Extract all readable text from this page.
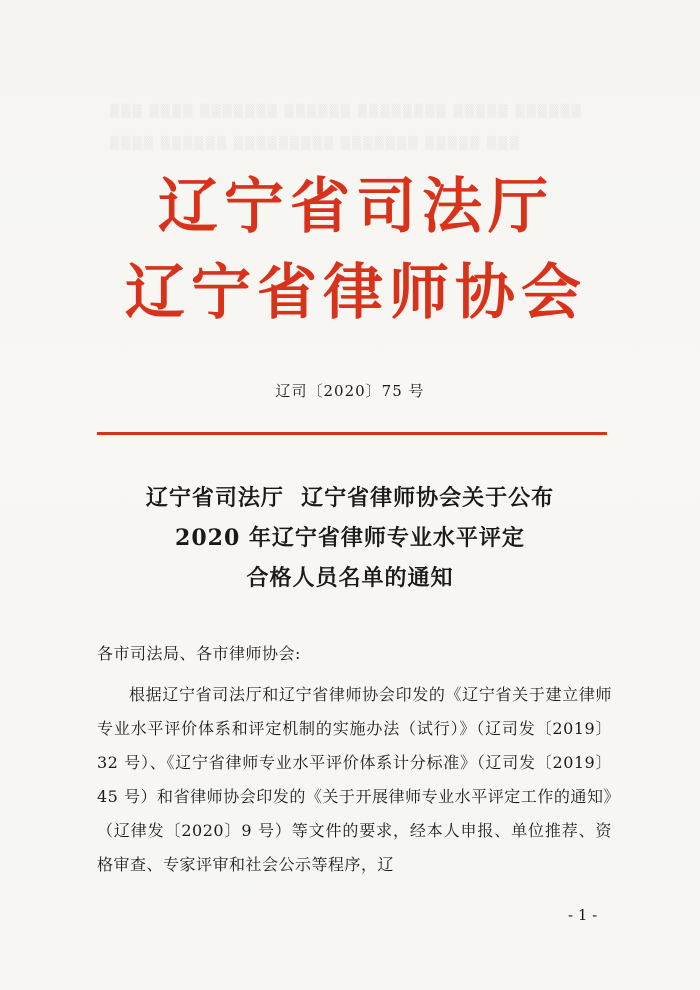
▒▒▒ ▒▒▒▒ ▒▒▒▒▒▒▒ ▒▒▒▒▒▒ ▒▒▒▒▒▒▒▒ ▒▒▒▒▒ ▒▒▒▒▒▒
▒▒▒▒ ▒▒▒▒▒▒ ▒▒▒▒▒▒▒▒▒ ▒▒▒▒▒▒▒ ▒▒▒▒▒ ▒▒▒
辽宁省司法厅
辽宁省律师协会
辽司〔2020〕75 号
辽宁省司法厅  辽宁省律师协会关于公布
2020 年辽宁省律师专业水平评定
合格人员名单的通知
各市司法局、各市律师协会:
根据辽宁省司法厅和辽宁省律师协会印发的《辽宁省关于建立律师专业水平评价体系和评定机制的实施办法（试行）》（辽司发〔2019〕32 号）、《辽宁省律师专业水平评价体系计分标准》（辽司发〔2019〕45 号）和省律师协会印发的《关于开展律师专业水平评定工作的通知》（辽律发〔2020〕9 号）等文件的要求，经本人申报、单位推荐、资格审查、专家评审和社会公示等程序，辽
- 1 -
